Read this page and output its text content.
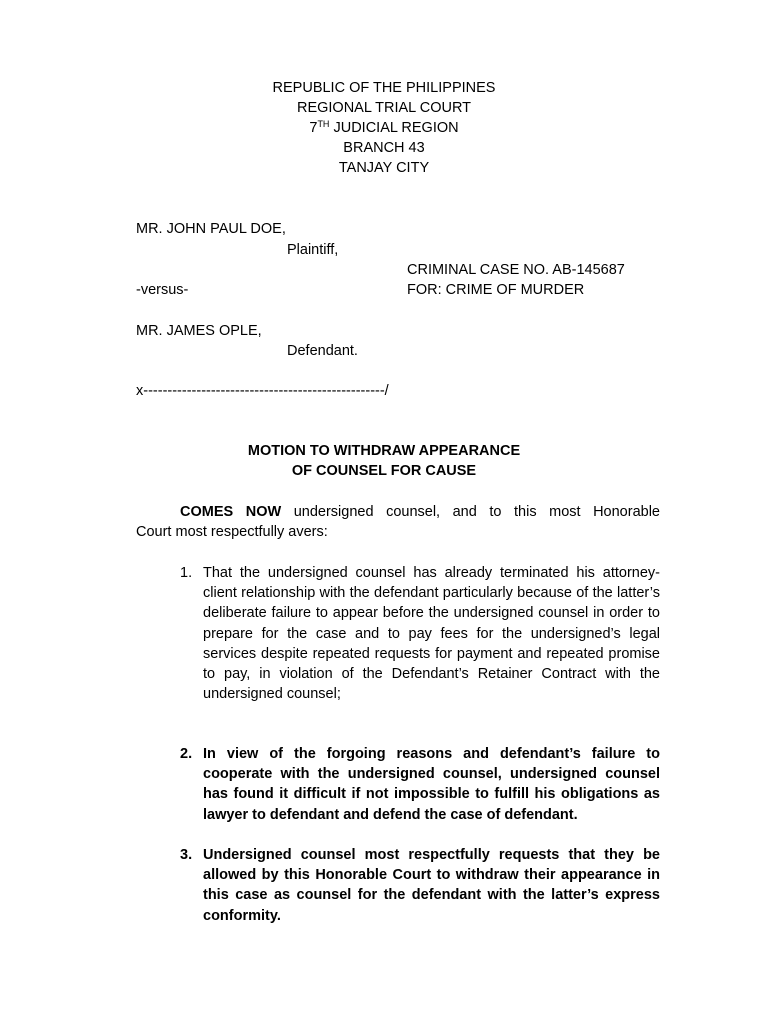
REPUBLIC OF THE PHILIPPINES
REGIONAL TRIAL COURT
7TH JUDICIAL REGION
BRANCH 43
TANJAY CITY
MR. JOHN PAUL DOE,
Plaintiff,
CRIMINAL CASE NO. AB-145687
-versus-	FOR: CRIME OF MURDER
MR. JAMES OPLE,
Defendant.
x--------------------------------------------------/
MOTION TO WITHDRAW APPEARANCE
OF COUNSEL FOR CAUSE
COMES NOW undersigned counsel, and to this most Honorable
Court most respectfully avers:
1. That the undersigned counsel has already terminated his attorney-client relationship with the defendant particularly because of the latter’s deliberate failure to appear before the undersigned counsel in order to prepare for the case and to pay fees for the undersigned’s legal services despite repeated requests for payment and repeated promise to pay, in violation of the Defendant’s Retainer Contract with the undersigned counsel;
2. In view of the forgoing reasons and defendant’s failure to cooperate with the undersigned counsel, undersigned counsel has found it difficult if not impossible to fulfill his obligations as lawyer to defendant and defend the case of defendant.
3. Undersigned counsel most respectfully requests that they be allowed by this Honorable Court to withdraw their appearance in this case as counsel for the defendant with the latter’s express conformity.
